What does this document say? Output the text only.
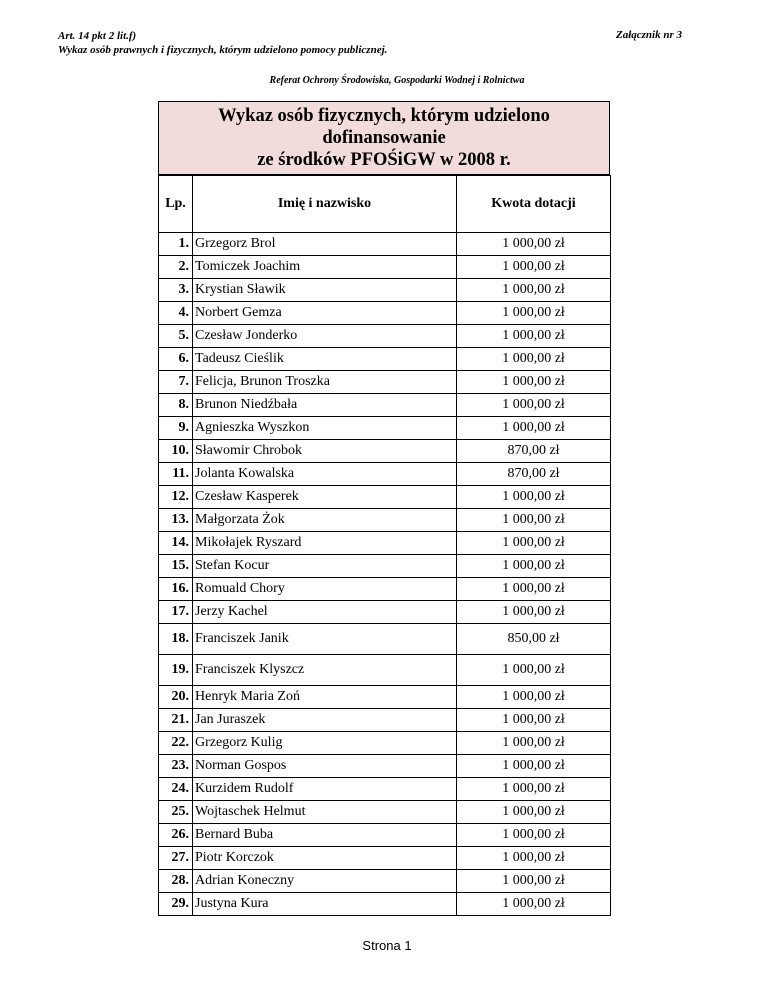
Art. 14 pkt 2 lit.f)
Wykaz osób prawnych i fizycznych, którym udzielono pomocy publicznej.
Załącznik nr 3
Referat Ochrony Środowiska, Gospodarki Wodnej i Rolnictwa
Wykaz osób fizycznych, którym udzielono dofinansowanie
ze środków PFOŚiGW w 2008 r.
Lp.	Imię i nazwisko	Kwota dotacji
1.	Grzegorz Brol	1 000,00 zł
2.	Tomiczek Joachim	1 000,00 zł
3.	Krystian Sławik	1 000,00 zł
4.	Norbert Gemza	1 000,00 zł
5.	Czesław Jonderko	1 000,00 zł
6.	Tadeusz Cieślik	1 000,00 zł
7.	Felicja, Brunon Troszka	1 000,00 zł
8.	Brunon Niedźbała	1 000,00 zł
9.	Agnieszka Wyszkon	1 000,00 zł
10.	Sławomir Chrobok	870,00 zł
11.	Jolanta Kowalska	870,00 zł
12.	Czesław Kasperek	1 000,00 zł
13.	Małgorzata Żok	1 000,00 zł
14.	Mikołajek Ryszard	1 000,00 zł
15.	Stefan Kocur	1 000,00 zł
16.	Romuald Chory	1 000,00 zł
17.	Jerzy Kachel	1 000,00 zł
18.	Franciszek Janik	850,00 zł
19.	Franciszek Klyszcz	1 000,00 zł
20.	Henryk Maria Zoń	1 000,00 zł
21.	Jan Juraszek	1 000,00 zł
22.	Grzegorz Kulig	1 000,00 zł
23.	Norman Gospos	1 000,00 zł
24.	Kurzidem Rudolf	1 000,00 zł
25.	Wojtaschek Helmut	1 000,00 zł
26.	Bernard Buba	1 000,00 zł
27.	Piotr Korczok	1 000,00 zł
28.	Adrian Koneczny	1 000,00 zł
29.	Justyna Kura	1 000,00 zł
Strona 1
